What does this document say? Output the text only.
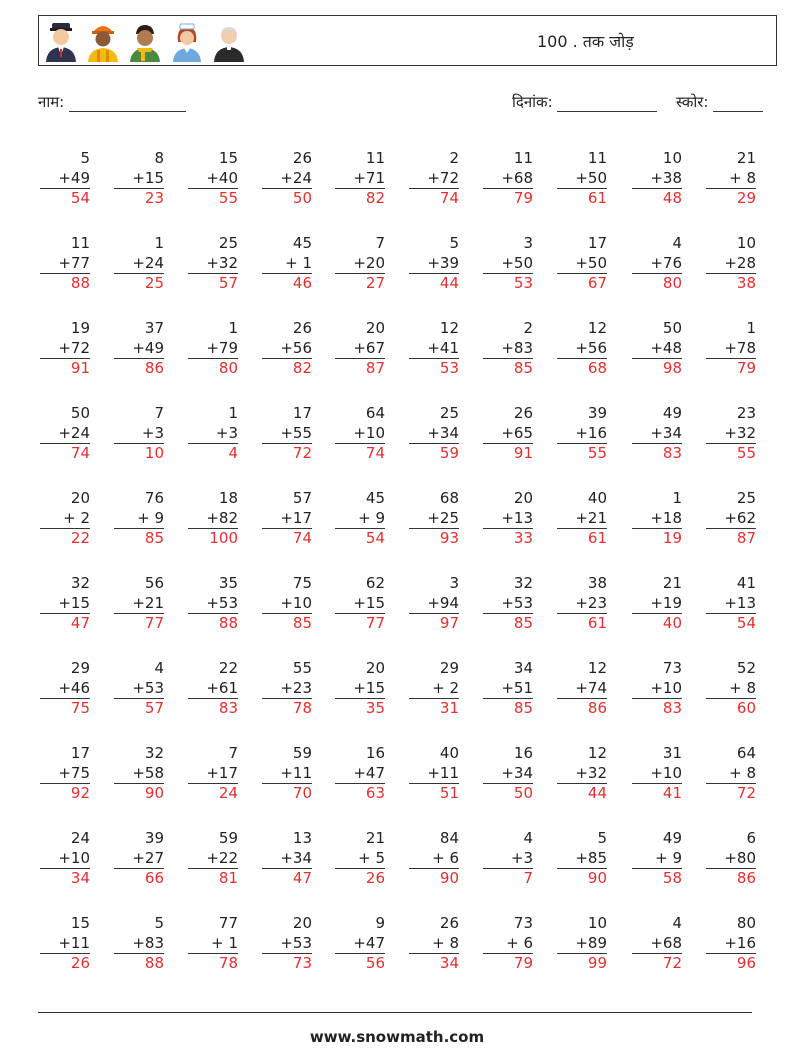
100 . तक जोड़
नाम:	दिनांक:	स्कोर:
5
+49
54
8
+15
23
15
+40
55
26
+24
50
11
+71
82
2
+72
74
11
+68
79
11
+50
61
10
+38
48
21
+ 8
29
11
+77
88
1
+24
25
25
+32
57
45
+ 1
46
7
+20
27
5
+39
44
3
+50
53
17
+50
67
4
+76
80
10
+28
38
19
+72
91
37
+49
86
1
+79
80
26
+56
82
20
+67
87
12
+41
53
2
+83
85
12
+56
68
50
+48
98
1
+78
79
50
+24
74
7
+3
10
1
+3
4
17
+55
72
64
+10
74
25
+34
59
26
+65
91
39
+16
55
49
+34
83
23
+32
55
20
+ 2
22
76
+ 9
85
18
+82
100
57
+17
74
45
+ 9
54
68
+25
93
20
+13
33
40
+21
61
1
+18
19
25
+62
87
32
+15
47
56
+21
77
35
+53
88
75
+10
85
62
+15
77
3
+94
97
32
+53
85
38
+23
61
21
+19
40
41
+13
54
29
+46
75
4
+53
57
22
+61
83
55
+23
78
20
+15
35
29
+ 2
31
34
+51
85
12
+74
86
73
+10
83
52
+ 8
60
17
+75
92
32
+58
90
7
+17
24
59
+11
70
16
+47
63
40
+11
51
16
+34
50
12
+32
44
31
+10
41
64
+ 8
72
24
+10
34
39
+27
66
59
+22
81
13
+34
47
21
+ 5
26
84
+ 6
90
4
+3
7
5
+85
90
49
+ 9
58
6
+80
86
15
+11
26
5
+83
88
77
+ 1
78
20
+53
73
9
+47
56
26
+ 8
34
73
+ 6
79
10
+89
99
4
+68
72
80
+16
96
www.snowmath.com
